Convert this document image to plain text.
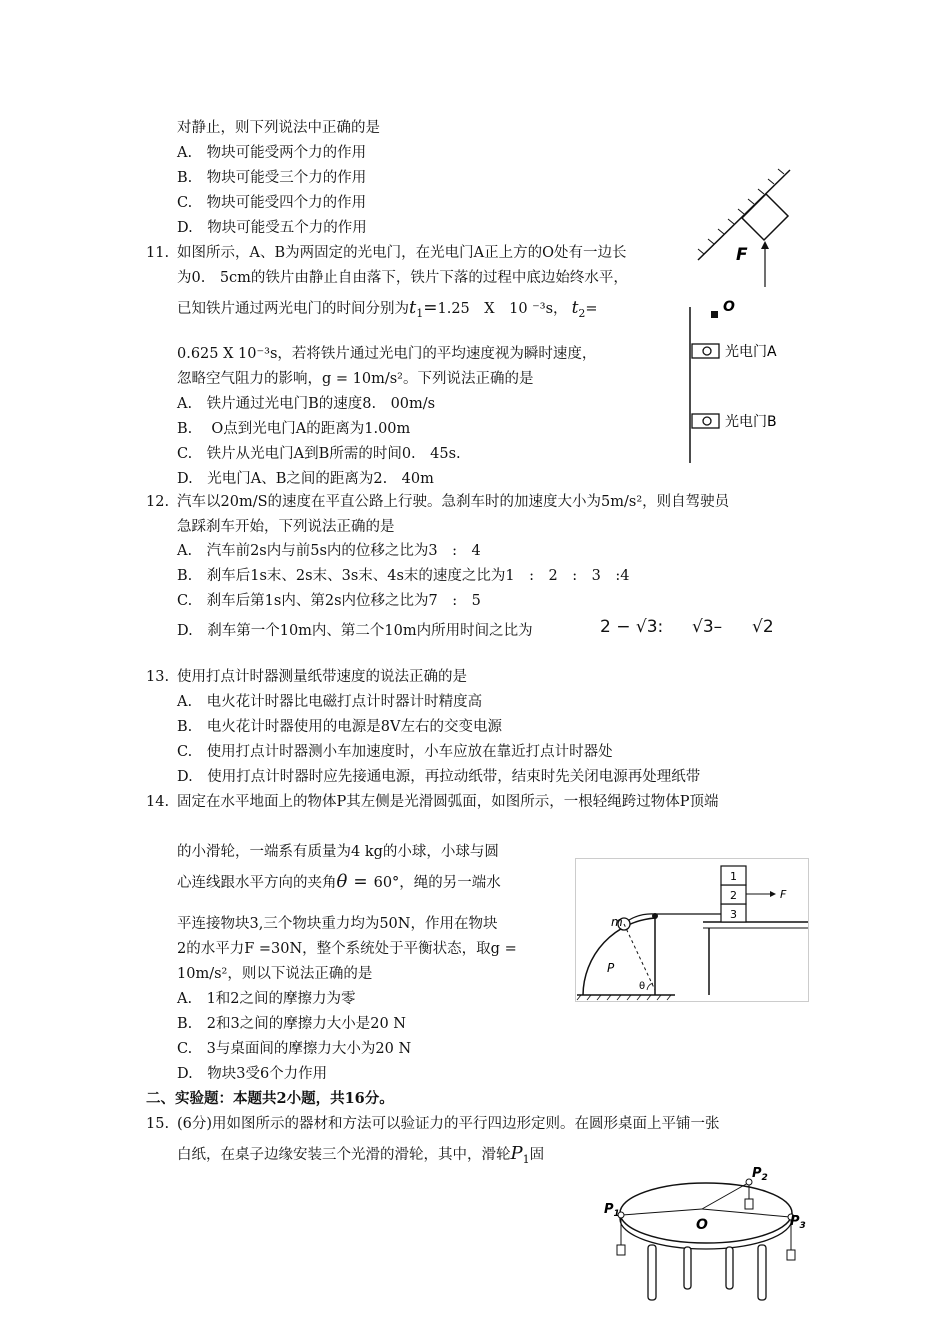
对静止，则下列说法中正确的是
A.　物块可能受两个力的作用
B.　物块可能受三个力的作用
C.　物块可能受四个力的作用
D.　物块可能受五个力的作用
F
11. 如图所示，A、B为两固定的光电门，在光电门A正上方的O处有一边长
为0.　5cm的铁片由静止自由落下，铁片下落的过程中底边始终水平，
已知铁片通过两光电门的时间分别为$t_1=1.25$　X　10 ⁻³s， $t_2=$
0.625 X 10⁻³s，若将铁片通过光电门的平均速度视为瞬时速度，
忽略空气阻力的影响，g = 10m/s²。下列说法正确的是
A.　铁片通过光电门B的速度8.　00m/s
B.　 O点到光电门A的距离为1.00m
C.　铁片从光电门A到B所需的时间0.　45s.
D.　光电门A、B之间的距离为2.　40m
O
光电门A
光电门B
12. 汽车以20m/S的速度在平直公路上行驶。急刹车时的加速度大小为5m/s²，则自驾驶员
急踩刹车开始，下列说法正确的是
A.　汽车前2s内与前5s内的位移之比为3　:　4
B.　刹车后1s末、2s末、3s末、4s末的速度之比为1　:　2　:　3　:4
C.　刹车后第1s内、第2s内位移之比为7　:　5
D.　刹车第一个10m内、第二个10m内所用时间之比为	2 − √3: √3– √2
13. 使用打点计时器测量纸带速度的说法正确的是
A.　电火花计时器比电磁打点计时器计时精度高
B.　电火花计时器使用的电源是8V左右的交变电源
C.　使用打点计时器测小车加速度时，小车应放在靠近打点计时器处
D.　使用打点计时器时应先接通电源，再拉动纸带，结束时先关闭电源再处理纸带
14. 固定在水平地面上的物体P其左侧是光滑圆弧面，如图所示，一根轻绳跨过物体P顶端
的小滑轮，一端系有质量为4 kg的小球，小球与圆
心连线跟水平方向的夹角θ = 60°，绳的另一端水
平连接物块3,三个物块重力均为50N，作用在物块
2的水平力F =30N，整个系统处于平衡状态，取g =
10m/s²，则以下说法正确的是
A.　1和2之间的摩擦力为零
B.　2和3之间的摩擦力大小是20 N
C.　3与桌面间的摩擦力大小为20 N
D.　物块3受6个力作用
m
P
θ
1
2
3
F
二、实验题：本题共2小题，共16分。
15. (6分)用如图所示的器材和方法可以验证力的平行四边形定则。在圆形桌面上平铺一张
白纸，在桌子边缘安装三个光滑的滑轮，其中，滑轮$P_1$固
$P_1$
$P_2$
$P_3$
O
